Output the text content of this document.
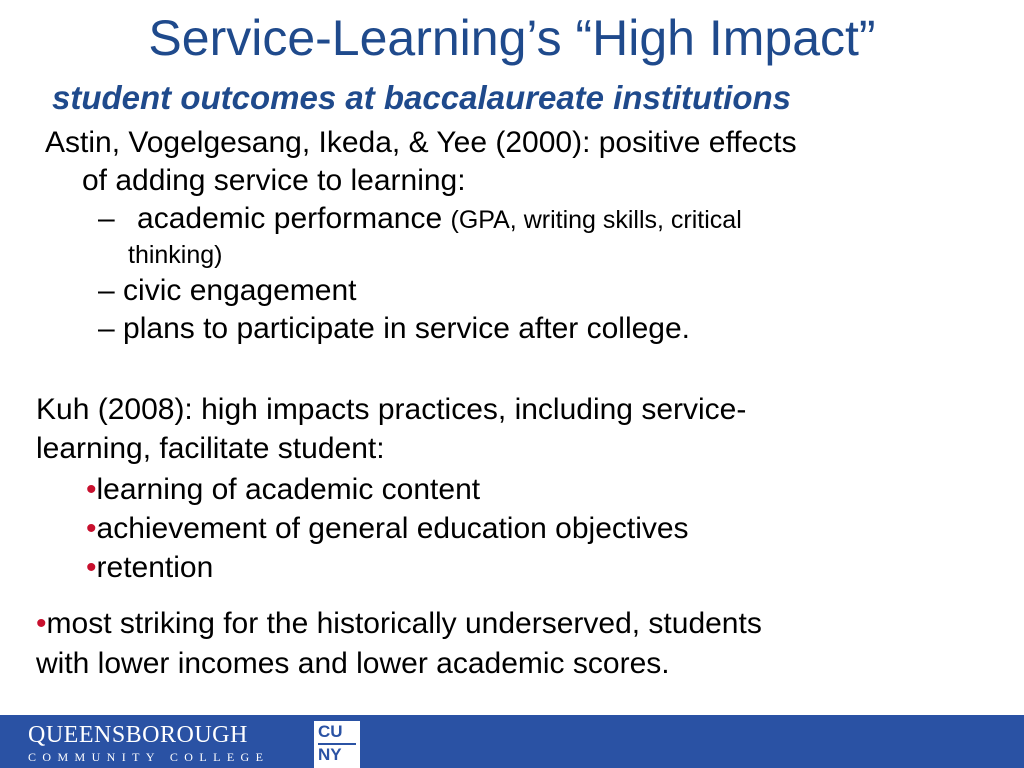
Service-Learning’s “High Impact”
student outcomes at baccalaureate institutions
Astin, Vogelgesang, Ikeda, & Yee (2000): positive effects
of adding service to learning:
– academic performance (GPA, writing skills, critical
thinking)
– civic engagement
– plans to participate in service after college.
Kuh (2008): high impacts practices, including service-
learning, facilitate student:
•learning of academic content
•achievement of general education objectives
•retention
•most striking for the historically underserved, students
with lower incomes and lower academic scores.
QUEENSBOROUGH
COMMUNITY COLLEGE
CU
NY
